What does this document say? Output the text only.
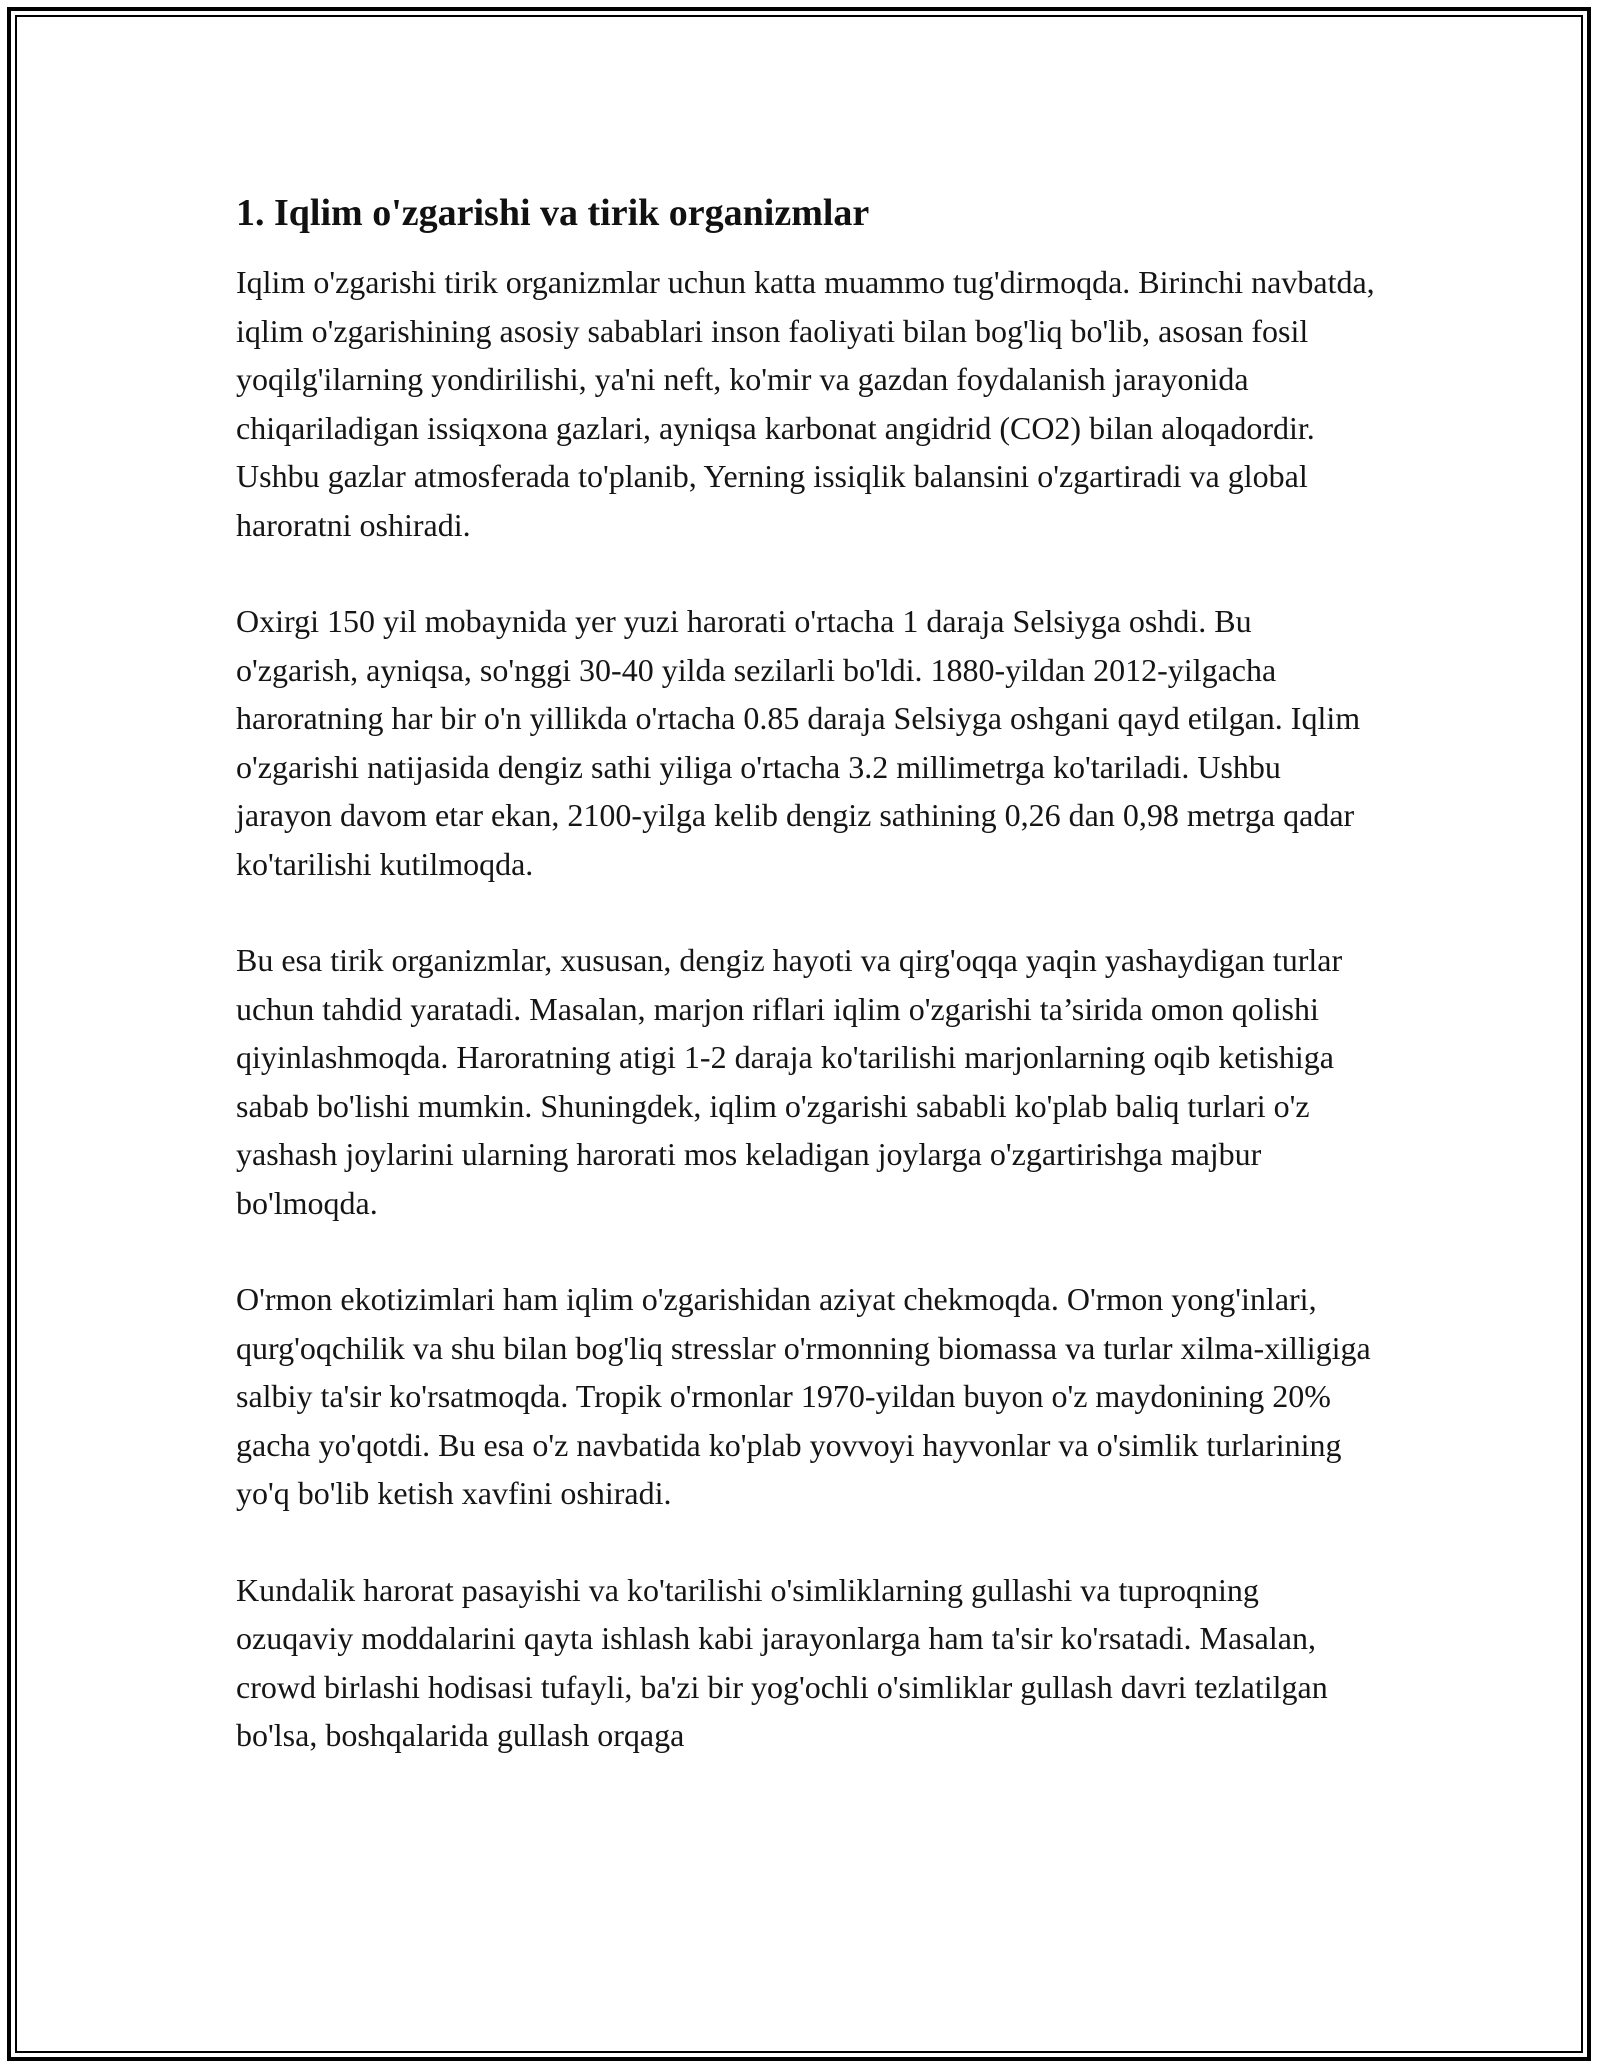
1. Iqlim o'zgarishi va tirik organizmlar

Iqlim o'zgarishi tirik organizmlar uchun katta muammo tug'dirmoqda. Birinchi navbatda, iqlim o'zgarishining asosiy sabablari inson faoliyati bilan bog'liq bo'lib, asosan fosil yoqilg'ilarning yondirilishi, ya'ni neft, ko'mir va gazdan foydalanish jarayonida chiqariladigan issiqxona gazlari, ayniqsa karbonat angidrid (CO2) bilan aloqadordir. Ushbu gazlar atmosferada to'planib, Yerning issiqlik balansini o'zgartiradi va global haroratni oshiradi.

Oxirgi 150 yil mobaynida yer yuzi harorati o'rtacha 1 daraja Selsiyga oshdi. Bu o'zgarish, ayniqsa, so'nggi 30-40 yilda sezilarli bo'ldi. 1880-yildan 2012-yilgacha haroratning har bir o'n yillikda o'rtacha 0.85 daraja Selsiyga oshgani qayd etilgan. Iqlim o'zgarishi natijasida dengiz sathi yiliga o'rtacha 3.2 millimetrga ko'tariladi. Ushbu jarayon davom etar ekan, 2100-yilga kelib dengiz sathining 0,26 dan 0,98 metrga qadar ko'tarilishi kutilmoqda.

Bu esa tirik organizmlar, xususan, dengiz hayoti va qirg'oqqa yaqin yashaydigan turlar uchun tahdid yaratadi. Masalan, marjon riflari iqlim o'zgarishi ta’sirida omon qolishi qiyinlashmoqda. Haroratning atigi 1-2 daraja ko'tarilishi marjonlarning oqib ketishiga sabab bo'lishi mumkin. Shuningdek, iqlim o'zgarishi sababli ko'plab baliq turlari o'z yashash joylarini ularning harorati mos keladigan joylarga o'zgartirishga majbur bo'lmoqda.

O'rmon ekotizimlari ham iqlim o'zgarishidan aziyat chekmoqda. O'rmon yong'inlari, qurg'oqchilik va shu bilan bog'liq stresslar o'rmonning biomassa va turlar xilma-xilligiga salbiy ta'sir ko'rsatmoqda. Tropik o'rmonlar 1970-yildan buyon o'z maydonining 20% gacha yo'qotdi. Bu esa o'z navbatida ko'plab yovvoyi hayvonlar va o'simlik turlarining yo'q bo'lib ketish xavfini oshiradi.

Kundalik harorat pasayishi va ko'tarilishi o'simliklarning gullashi va tuproqning ozuqaviy moddalarini qayta ishlash kabi jarayonlarga ham ta'sir ko'rsatadi. Masalan, crowd birlashi hodisasi tufayli, ba'zi bir yog'ochli o'simliklar gullash davri tezlatilgan bo'lsa, boshqalarida gullash orqaga
